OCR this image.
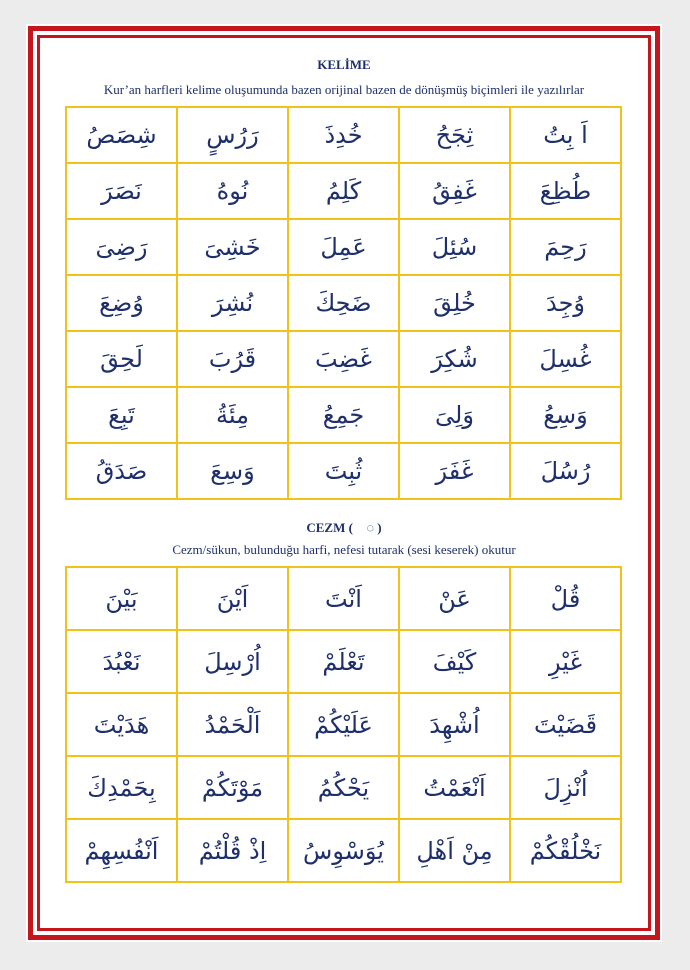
KELİME
Kur’an harfleri kelime oluşumunda bazen orijinal bazen de dönüşmüş biçimleri ile yazılırlar
شِصَصُ	رَرُسٍ	خُدِذَ	ثِجَحُ	اَ بِتُ
نَصَرَ	نُوهُ	كَلِمُ	غَفِقُ	طُظِعَ
رَضِىَ	خَشِىَ	عَمِلَ	سُئِلَ	رَحِمَ
وُضِعَ	نُشِرَ	ضَحِكَ	خُلِقَ	وُجِدَ
لَحِقَ	قَرُبَ	غَضِبَ	شُكِرَ	غُسِلَ
تَبِعَ	مِئَةُ	جَمِعُ	وَلِىَ	وَسِعُ
صَدَقُ	وَسِعَ	ثُبِتَ	غَفَرَ	رُسُلَ
CEZM ( ◌ْ )
Cezm/sükun, bulunduğu harfi, nefesi tutarak (sesi keserek) okutur
بَيْنَ	اَيْنَ	اَنْتَ	عَنْ	قُلْ
نَعْبُدَ	اُرْسِلَ	تَعْلَمْ	كَيْفَ	غَيْرِ
هَدَيْتَ	اَلْحَمْدُ	عَلَيْكُمْ	اُشْهِدَ	قَضَيْتَ
بِحَمْدِكَ	مَوْتَكُمْ	يَحْكُمُ	اَنْعَمْتُ	اُنْزِلَ
اَنْفُسِهِمْ	اِذْ قُلْتُمْ	يُوَسْوِسُ	مِنْ اَهْلِ	نَخْلُقْكُمْ
